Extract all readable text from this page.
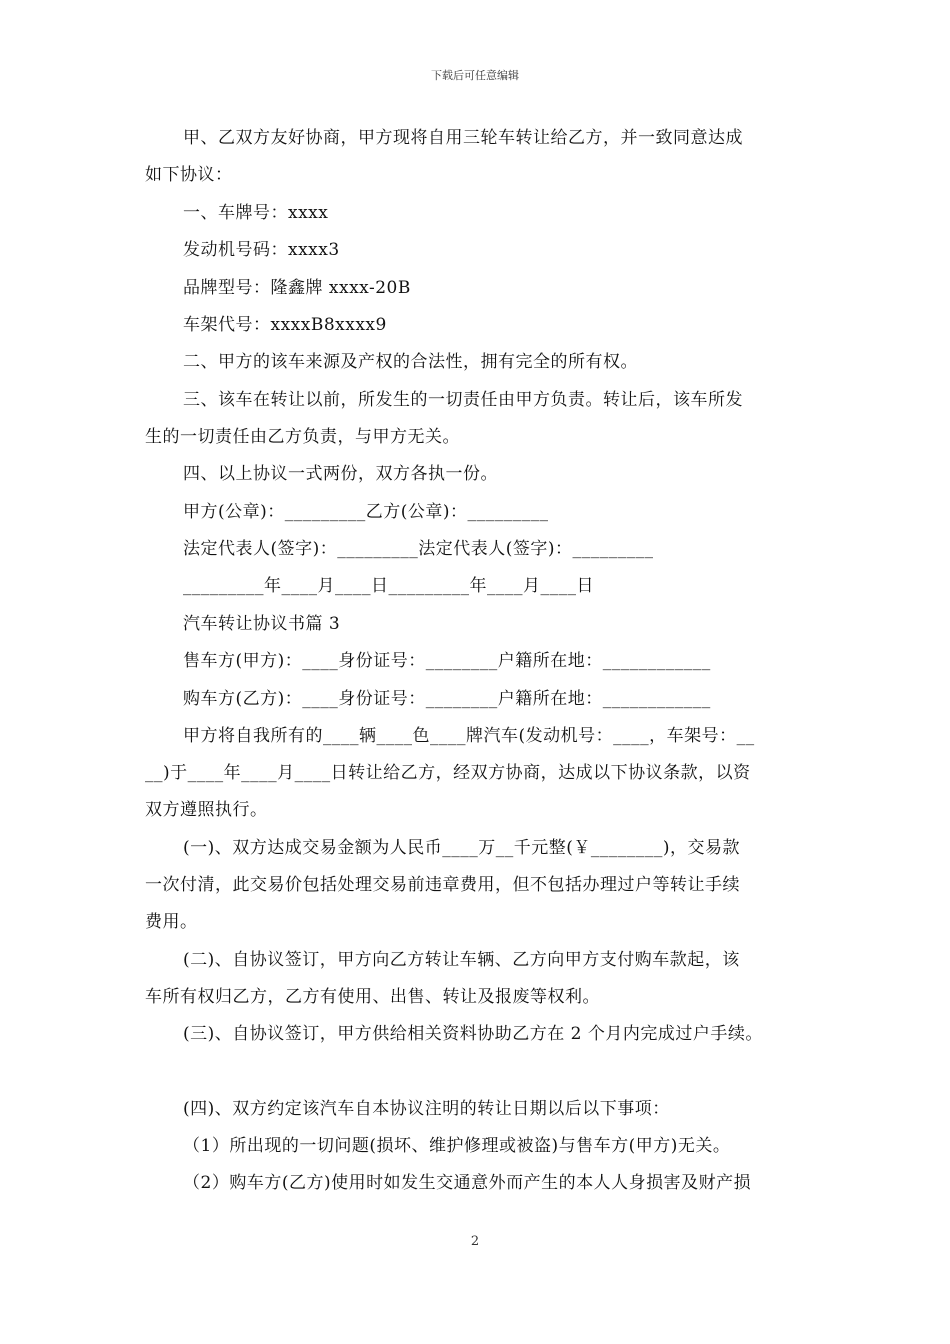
下载后可任意编辑
甲、乙双方友好协商，甲方现将自用三轮车转让给乙方，并一致同意达成
如下协议：
一、车牌号：xxxx
发动机号码：xxxx3
品牌型号：隆鑫牌 xxxx-20B
车架代号：xxxxB8xxxx9
二、甲方的该车来源及产权的合法性，拥有完全的所有权。
三、该车在转让以前，所发生的一切责任由甲方负责。转让后，该车所发
生的一切责任由乙方负责，与甲方无关。
四、以上协议一式两份，双方各执一份。
甲方(公章)：_________乙方(公章)：_________
法定代表人(签字)：_________法定代表人(签字)：_________
_________年____月____日_________年____月____日
汽车转让协议书篇 3
售车方(甲方)：____身份证号：________户籍所在地：____________
购车方(乙方)：____身份证号：________户籍所在地：____________
甲方将自我所有的____辆____色____牌汽车(发动机号：____，车架号：__
__)于____年____月____日转让给乙方，经双方协商，达成以下协议条款，以资
双方遵照执行。
(一)、双方达成交易金额为人民币____万__千元整(￥________)，交易款
一次付清，此交易价包括处理交易前违章费用，但不包括办理过户等转让手续
费用。
(二)、自协议签订，甲方向乙方转让车辆、乙方向甲方支付购车款起，该
车所有权归乙方，乙方有使用、出售、转让及报废等权利。
(三)、自协议签订，甲方供给相关资料协助乙方在 2 个月内完成过户手续。
(四)、双方约定该汽车自本协议注明的转让日期以后以下事项：
（1）所出现的一切问题(损坏、维护修理或被盗)与售车方(甲方)无关。
（2）购车方(乙方)使用时如发生交通意外而产生的本人人身损害及财产损
2
